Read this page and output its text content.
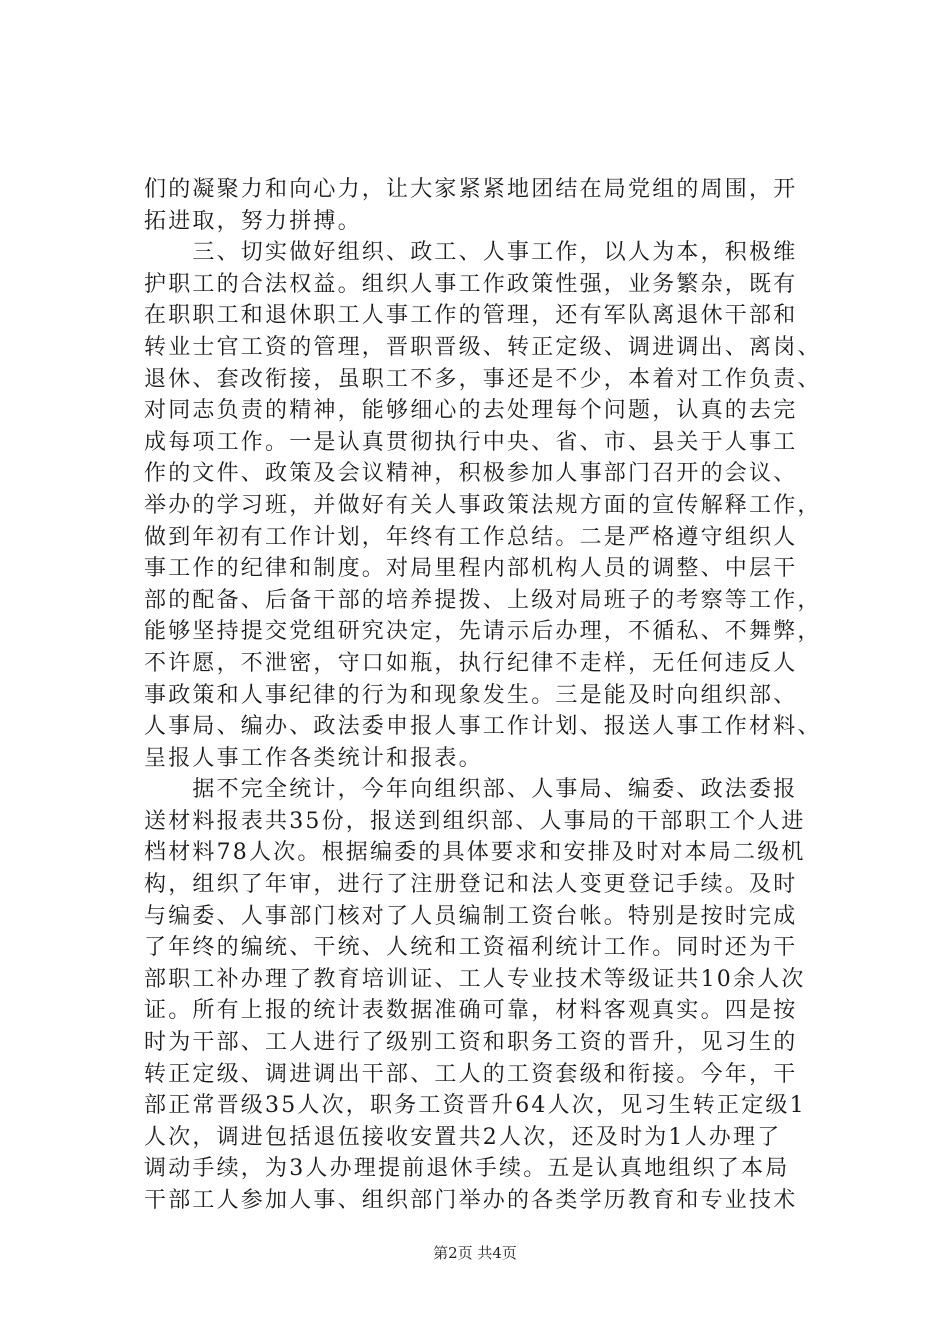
们的凝聚力和向心力，让大家紧紧地团结在局党组的周围，开
拓进取，努力拼搏。
　　三、切实做好组织、政工、人事工作，以人为本，积极维
护职工的合法权益。组织人事工作政策性强，业务繁杂，既有
在职职工和退休职工人事工作的管理，还有军队离退休干部和
转业士官工资的管理，晋职晋级、转正定级、调进调出、离岗、
退休、套改衔接，虽职工不多，事还是不少，本着对工作负责、
对同志负责的精神，能够细心的去处理每个问题，认真的去完
成每项工作。一是认真贯彻执行中央、省、市、县关于人事工
作的文件、政策及会议精神，积极参加人事部门召开的会议、
举办的学习班，并做好有关人事政策法规方面的宣传解释工作，
做到年初有工作计划，年终有工作总结。二是严格遵守组织人
事工作的纪律和制度。对局里程内部机构人员的调整、中层干
部的配备、后备干部的培养提拨、上级对局班子的考察等工作，
能够坚持提交党组研究决定，先请示后办理，不循私、不舞弊，
不许愿，不泄密，守口如瓶，执行纪律不走样，无任何违反人
事政策和人事纪律的行为和现象发生。三是能及时向组织部、
人事局、编办、政法委申报人事工作计划、报送人事工作材料、
呈报人事工作各类统计和报表。
　　据不完全统计，今年向组织部、人事局、编委、政法委报
送材料报表共35份，报送到组织部、人事局的干部职工个人进
档材料78人次。根据编委的具体要求和安排及时对本局二级机
构，组织了年审，进行了注册登记和法人变更登记手续。及时
与编委、人事部门核对了人员编制工资台帐。特别是按时完成
了年终的编统、干统、人统和工资福利统计工作。同时还为干
部职工补办理了教育培训证、工人专业技术等级证共10余人次
证。所有上报的统计表数据准确可靠，材料客观真实。四是按
时为干部、工人进行了级别工资和职务工资的晋升，见习生的
转正定级、调进调出干部、工人的工资套级和衔接。今年，干
部正常晋级35人次，职务工资晋升64人次，见习生转正定级1
人次，调进包括退伍接收安置共2人次，还及时为1人办理了
调动手续，为3人办理提前退休手续。五是认真地组织了本局
干部工人参加人事、组织部门举办的各类学历教育和专业技术
第2页 共4页
